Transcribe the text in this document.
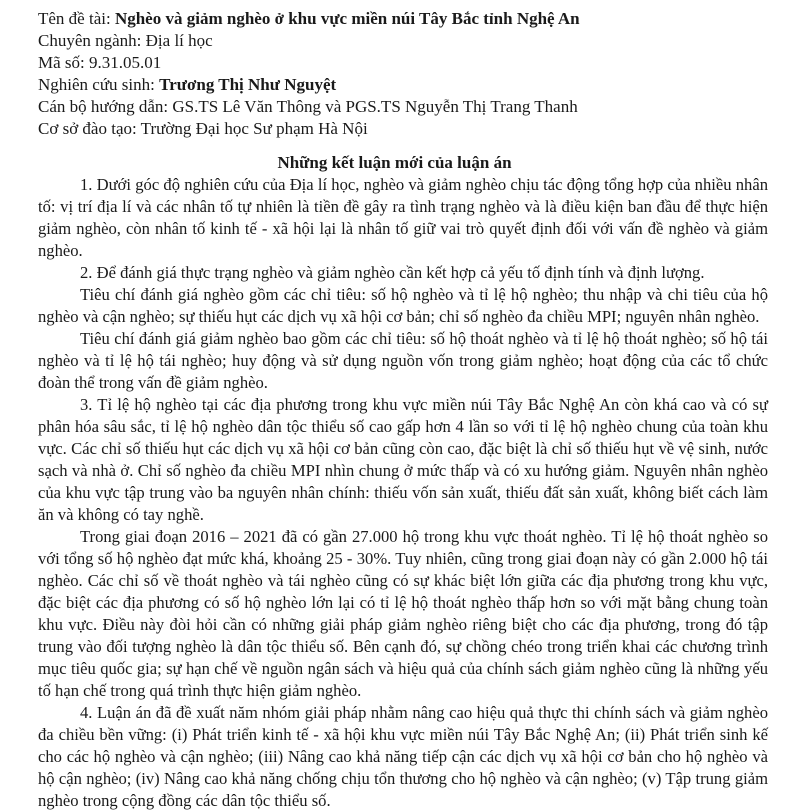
Tên đề tài: Nghèo và giảm nghèo ở khu vực miền núi Tây Bắc tỉnh Nghệ An
Chuyên ngành: Địa lí học
Mã số: 9.31.05.01
Nghiên cứu sinh: Trương Thị Như Nguyệt
Cán bộ hướng dẫn: GS.TS Lê Văn Thông và PGS.TS Nguyễn Thị Trang Thanh
Cơ sở đào tạo: Trường Đại học Sư phạm Hà Nội
Những kết luận mới của luận án

1. Dưới góc độ nghiên cứu của Địa lí học, nghèo và giảm nghèo chịu tác động tổng hợp của nhiều nhân tố: vị trí địa lí và các nhân tố tự nhiên là tiền đề gây ra tình trạng nghèo và là điều kiện ban đầu để thực hiện giảm nghèo, còn nhân tố kinh tế - xã hội lại là nhân tố giữ vai trò quyết định đối với vấn đề nghèo và giảm nghèo.

2. Để đánh giá thực trạng nghèo và giảm nghèo cần kết hợp cả yếu tố định tính và định lượng.

Tiêu chí đánh giá nghèo gồm các chỉ tiêu: số hộ nghèo và tỉ lệ hộ nghèo; thu nhập và chi tiêu của hộ nghèo và cận nghèo; sự thiếu hụt các dịch vụ xã hội cơ bản; chỉ số nghèo đa chiều MPI; nguyên nhân nghèo.

Tiêu chí đánh giá giảm nghèo bao gồm các chỉ tiêu: số hộ thoát nghèo và tỉ lệ hộ thoát nghèo; số hộ tái nghèo và tỉ lệ hộ tái nghèo; huy động và sử dụng nguồn vốn trong giảm nghèo; hoạt động của các tổ chức đoàn thể trong vấn đề giảm nghèo.

3. Tỉ lệ hộ nghèo tại các địa phương trong khu vực miền núi Tây Bắc Nghệ An còn khá cao và có sự phân hóa sâu sắc, tỉ lệ hộ nghèo dân tộc thiểu số cao gấp hơn 4 lần so với tỉ lệ hộ nghèo chung của toàn khu vực. Các chỉ số thiếu hụt các dịch vụ xã hội cơ bản cũng còn cao, đặc biệt là chỉ số thiếu hụt về vệ sinh, nước sạch và nhà ở. Chỉ số nghèo đa chiều MPI nhìn chung ở mức thấp và có xu hướng giảm. Nguyên nhân nghèo của khu vực tập trung vào ba nguyên nhân chính: thiếu vốn sản xuất, thiếu đất sản xuất, không biết cách làm ăn và không có tay nghề.

Trong giai đoạn 2016 – 2021 đã có gần 27.000 hộ trong khu vực thoát nghèo. Tỉ lệ hộ thoát nghèo so với tổng số hộ nghèo đạt mức khá, khoảng 25 - 30%. Tuy nhiên, cũng trong giai đoạn này có gần 2.000 hộ tái nghèo. Các chỉ số về thoát nghèo và tái nghèo cũng có sự khác biệt lớn giữa các địa phương trong khu vực, đặc biệt các địa phương có số hộ nghèo lớn lại có tỉ lệ hộ thoát nghèo thấp hơn so với mặt bằng chung toàn khu vực. Điều này đòi hỏi cần có những giải pháp giảm nghèo riêng biệt cho các địa phương, trong đó tập trung vào đối tượng nghèo là dân tộc thiểu số. Bên cạnh đó, sự chồng chéo trong triển khai các chương trình mục tiêu quốc gia; sự hạn chế về nguồn ngân sách và hiệu quả của chính sách giảm nghèo cũng là những yếu tố hạn chế trong quá trình thực hiện giảm nghèo.

4. Luận án đã đề xuất năm nhóm giải pháp nhằm nâng cao hiệu quả thực thi chính sách và giảm nghèo đa chiều bền vững: (i) Phát triển kinh tế - xã hội khu vực miền núi Tây Bắc Nghệ An; (ii) Phát triển sinh kế cho các hộ nghèo và cận nghèo; (iii) Nâng cao khả năng tiếp cận các dịch vụ xã hội cơ bản cho hộ nghèo và hộ cận nghèo; (iv) Nâng cao khả năng chống chịu tổn thương cho hộ nghèo và cận nghèo; (v) Tập trung giảm nghèo trong cộng đồng các dân tộc thiểu số.
